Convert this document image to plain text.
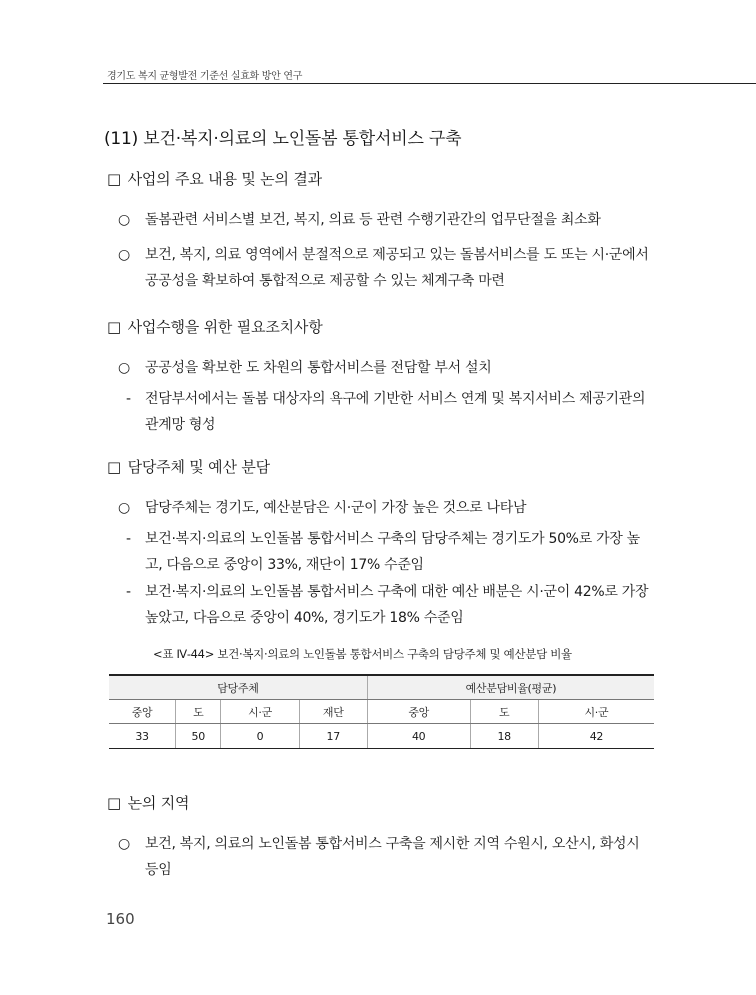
경기도 복지 균형발전 기준선 실효화 방안 연구
(11) 보건·복지·의료의 노인돌봄 통합서비스 구축
□ 사업의 주요 내용 및 논의 결과
○	돌봄관련 서비스별 보건, 복지, 의료 등 관련 수행기관간의 업무단절을 최소화
○	보건, 복지, 의료 영역에서 분절적으로 제공되고 있는 돌봄서비스를 도 또는 시·군에서 공공성을 확보하여 통합적으로 제공할 수 있는 체계구축 마련
□ 사업수행을 위한 필요조치사항
○	공공성을 확보한 도 차원의 통합서비스를 전담할 부서 설치
-	전담부서에서는 돌봄 대상자의 욕구에 기반한 서비스 연계 및 복지서비스 제공기관의 관계망 형성
□ 담당주체 및 예산 분담
○	담당주체는 경기도, 예산분담은 시·군이 가장 높은 것으로 나타남
-	보건·복지·의료의 노인돌봄 통합서비스 구축의 담당주체는 경기도가 50%로 가장 높고, 다음으로 중앙이 33%, 재단이 17% 수준임
-	보건·복지·의료의 노인돌봄 통합서비스 구축에 대한 예산 배분은 시·군이 42%로 가장 높았고, 다음으로 중앙이 40%, 경기도가 18% 수준임
<표 Ⅳ-44> 보건·복지·의료의 노인돌봄 통합서비스 구축의 담당주체 및 예산분담 비율
담당주체				예산분담비율(평균)		
중앙	도	시·군	재단	중앙	도	시·군
33	50	0	17	40	18	42
□ 논의 지역
○	보건, 복지, 의료의 노인돌봄 통합서비스 구축을 제시한 지역 수원시, 오산시, 화성시 등임
160
